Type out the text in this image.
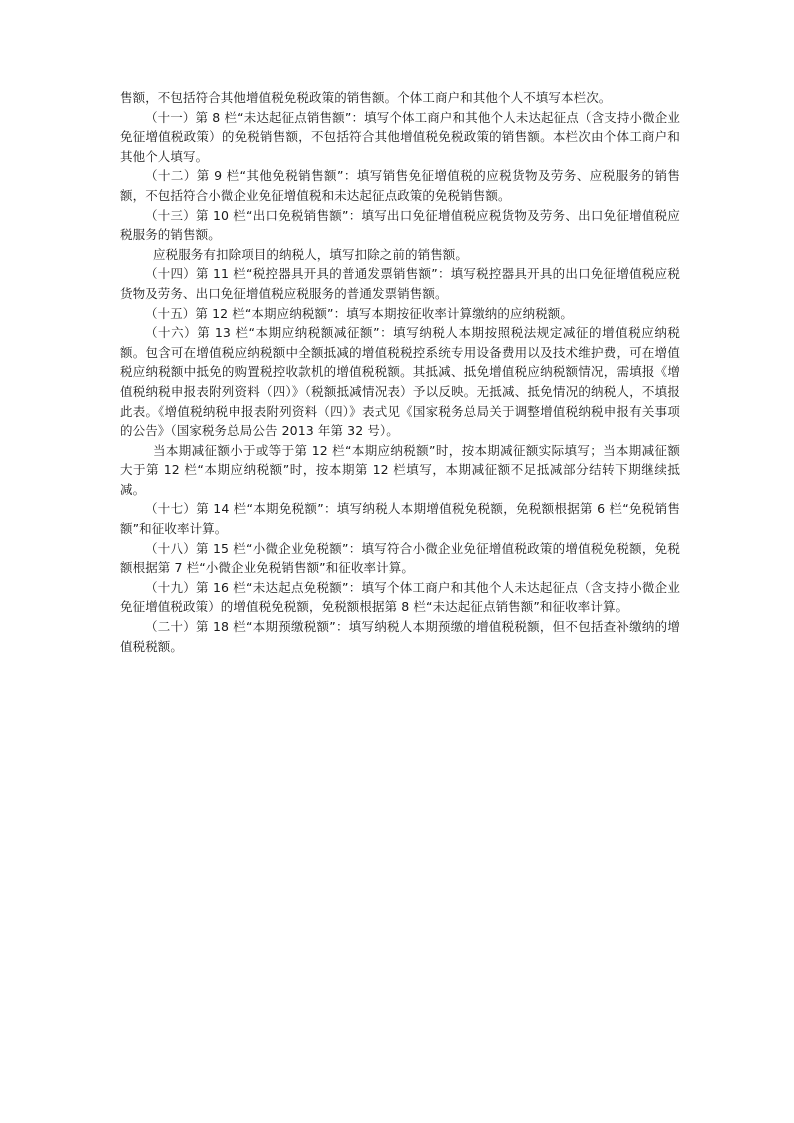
售额，不包括符合其他增值税免税政策的销售额。个体工商户和其他个人不填写本栏次。

（十一）第 8 栏“未达起征点销售额”：填写个体工商户和其他个人未达起征点（含支持小微企业免征增值税政策）的免税销售额，不包括符合其他增值税免税政策的销售额。本栏次由个体工商户和其他个人填写。

（十二）第 9 栏“其他免税销售额”：填写销售免征增值税的应税货物及劳务、应税服务的销售额，不包括符合小微企业免征增值税和未达起征点政策的免税销售额。

（十三）第 10 栏“出口免税销售额”：填写出口免征增值税应税货物及劳务、出口免征增值税应税服务的销售额。

应税服务有扣除项目的纳税人，填写扣除之前的销售额。

（十四）第 11 栏“税控器具开具的普通发票销售额”：填写税控器具开具的出口免征增值税应税货物及劳务、出口免征增值税应税服务的普通发票销售额。

（十五）第 12 栏“本期应纳税额”：填写本期按征收率计算缴纳的应纳税额。

（十六）第 13 栏“本期应纳税额减征额”：填写纳税人本期按照税法规定减征的增值税应纳税额。包含可在增值税应纳税额中全额抵减的增值税税控系统专用设备费用以及技术维护费，可在增值税应纳税额中抵免的购置税控收款机的增值税税额。其抵减、抵免增值税应纳税额情况，需填报《增值税纳税申报表附列资料（四）》（税额抵减情况表）予以反映。无抵减、抵免情况的纳税人，不填报此表。《增值税纳税申报表附列资料（四）》表式见《国家税务总局关于调整增值税纳税申报有关事项的公告》（国家税务总局公告 2013 年第 32 号）。

当本期减征额小于或等于第 12 栏“本期应纳税额”时，按本期减征额实际填写；当本期减征额大于第 12 栏“本期应纳税额”时，按本期第 12 栏填写，本期减征额不足抵减部分结转下期继续抵减。

（十七）第 14 栏“本期免税额”：填写纳税人本期增值税免税额，免税额根据第 6 栏“免税销售额”和征收率计算。

（十八）第 15 栏“小微企业免税额”：填写符合小微企业免征增值税政策的增值税免税额，免税额根据第 7 栏“小微企业免税销售额”和征收率计算。

（十九）第 16 栏“未达起点免税额”：填写个体工商户和其他个人未达起征点（含支持小微企业免征增值税政策）的增值税免税额，免税额根据第 8 栏“未达起征点销售额”和征收率计算。

（二十）第 18 栏“本期预缴税额”：填写纳税人本期预缴的增值税税额，但不包括查补缴纳的增值税税额。
